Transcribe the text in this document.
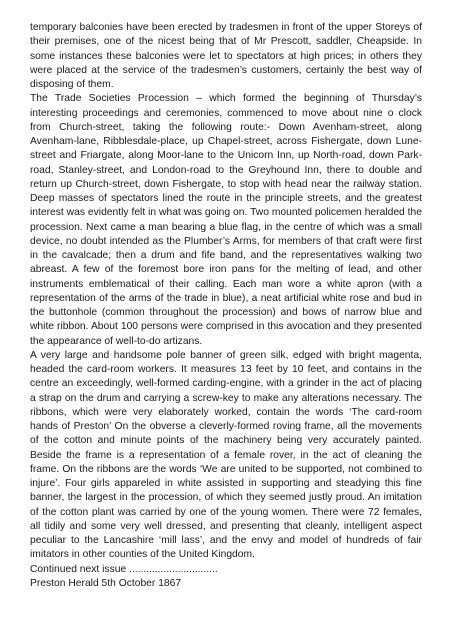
temporary balconies have been erected by tradesmen in front of the upper Storeys of their premises, one of the nicest being that of Mr Prescott, saddler, Cheapside. In some instances these balconies were let to spectators at high prices; in others they were placed at the service of the tradesmen’s customers, certainly the best way of disposing of them.

The Trade Societies Procession – which formed the beginning of Thursday’s interesting proceedings and ceremonies, commenced to move about nine o clock from Church-street, taking the following route:- Down Avenham-street, along Avenham-lane, Ribblesdale-place, up Chapel-street, across Fishergate, down Lune-street and Friargate, along Moor-lane to the Unicorn Inn, up North-road, down Park-road, Stanley-street, and London-road to the Greyhound Inn, there to double and return up Church-street, down Fishergate, to stop with head near the railway station. Deep masses of spectators lined the route in the principle streets, and the greatest interest was evidently felt in what was going on. Two mounted policemen heralded the procession. Next came a man bearing a blue flag, in the centre of which was a small device, no doubt intended as the Plumber’s Arms, for members of that craft were first in the cavalcade; then a drum and fife band, and the representatives walking two abreast. A few of the foremost bore iron pans for the melting of lead, and other instruments emblematical of their calling. Each man wore a white apron (with a representation of the arms of the trade in blue), a neat artificial white rose and bud in the buttonhole (common throughout the procession) and bows of narrow blue and white ribbon. About 100 persons were comprised in this avocation and they presented the appearance of well-to-do artizans.

A very large and handsome pole banner of green silk, edged with bright magenta, headed the card-room workers. It measures 13 feet by 10 feet, and contains in the centre an exceedingly, well-formed carding-engine, with a grinder in the act of placing a strap on the drum and carrying a screw-key to make any alterations necessary. The ribbons, which were very elaborately worked, contain the words ‘The card-room hands of Preston’ On the obverse a cleverly-formed roving frame, all the movements of the cotton and minute points of the machinery being very accurately painted. Beside the frame is a representation of a female rover, in the act of cleaning the frame. On the ribbons are the words ‘We are united to be supported, not combined to injure’. Four girls appareled in white assisted in supporting and steadying this fine banner, the largest in the procession, of which they seemed justly proud. An imitation of the cotton plant was carried by one of the young women. There were 72 females, all tidily and some very well dressed, and presenting that cleanly, intelligent aspect peculiar to the Lancashire ‘mill lass’, and the envy and model of hundreds of fair imitators in other counties of the United Kingdom.

Continued next issue ...............................

Preston Herald 5th October 1867
